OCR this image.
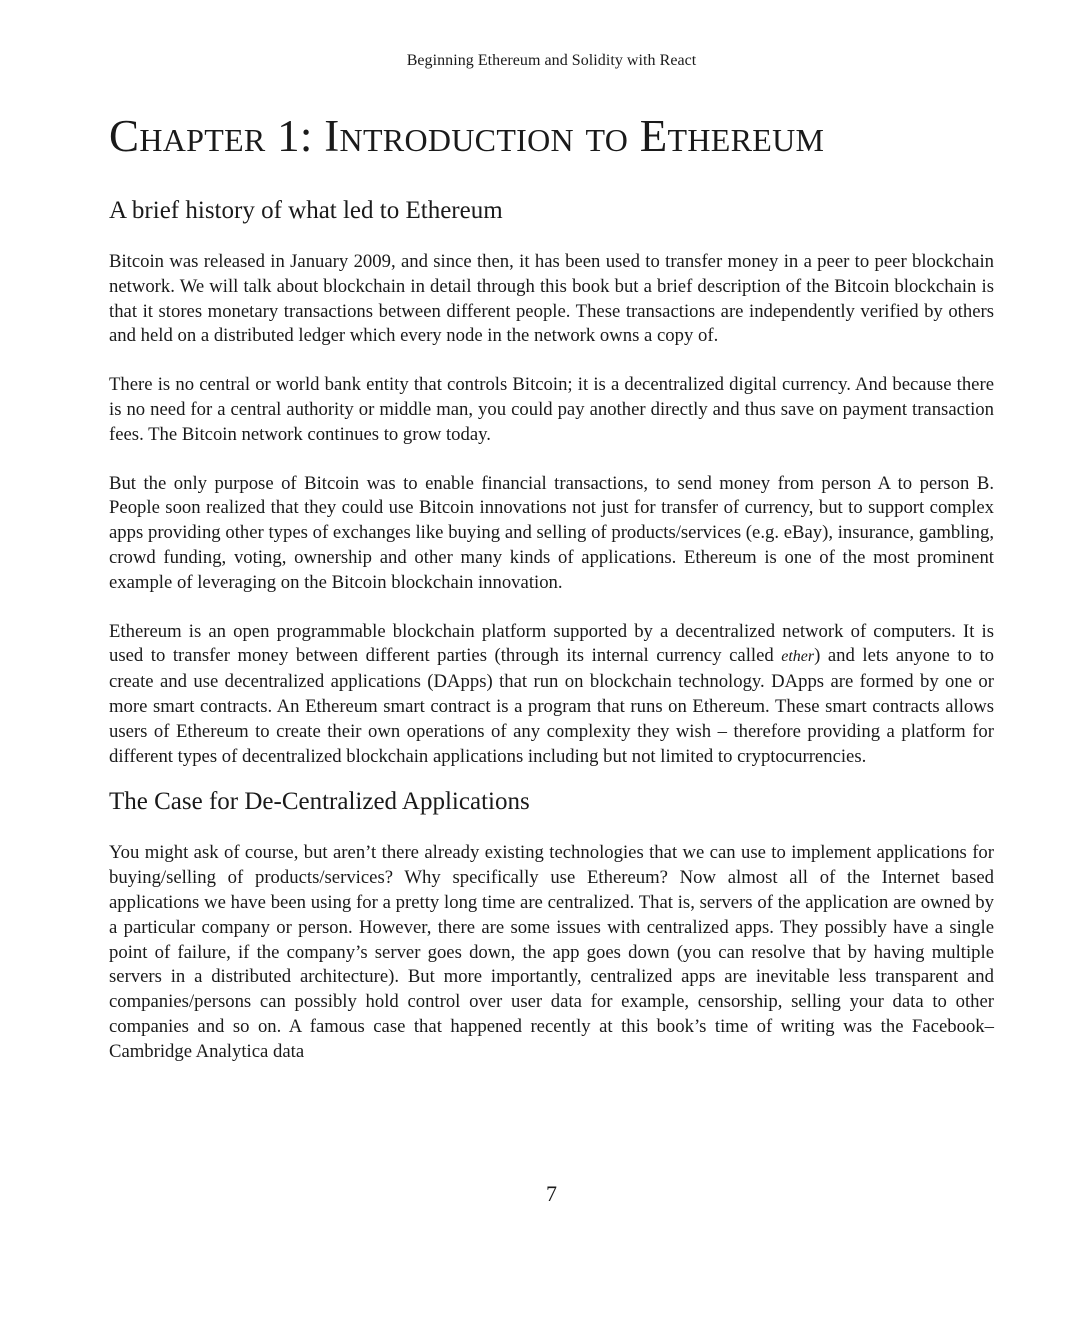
Beginning Ethereum and Solidity with React
Chapter 1: Introduction to Ethereum
A brief history of what led to Ethereum

Bitcoin was released in January 2009, and since then, it has been used to transfer money in a peer to peer blockchain network. We will talk about blockchain in detail through this book but a brief description of the Bitcoin blockchain is that it stores monetary transactions between different people. These transactions are independently verified by others and held on a distributed ledger which every node in the network owns a copy of.

There is no central or world bank entity that controls Bitcoin; it is a decentralized digital currency. And because there is no need for a central authority or middle man, you could pay another directly and thus save on payment transaction fees. The Bitcoin network continues to grow today.

But the only purpose of Bitcoin was to enable financial transactions, to send money from person A to person B. People soon realized that they could use Bitcoin innovations not just for transfer of currency, but to support complex apps providing other types of exchanges like buying and selling of products/services (e.g. eBay), insurance, gambling, crowd funding, voting, ownership and other many kinds of applications. Ethereum is one of the most prominent example of leveraging on the Bitcoin blockchain innovation.

Ethereum is an open programmable blockchain platform supported by a decentralized network of computers. It is used to transfer money between different parties (through its internal currency called ether) and lets anyone to to create and use decentralized applications (DApps) that run on blockchain technology. DApps are formed by one or more smart contracts. An Ethereum smart contract is a program that runs on Ethereum. These smart contracts allows users of Ethereum to create their own operations of any complexity they wish – therefore providing a platform for different types of decentralized blockchain applications including but not limited to cryptocurrencies.

The Case for De-Centralized Applications

You might ask of course, but aren’t there already existing technologies that we can use to implement applications for buying/selling of products/services? Why specifically use Ethereum? Now almost all of the Internet based applications we have been using for a pretty long time are centralized. That is, servers of the application are owned by a particular company or person. However, there are some issues with centralized apps. They possibly have a single point of failure, if the company’s server goes down, the app goes down (you can resolve that by having multiple servers in a distributed architecture). But more importantly, centralized apps are inevitable less transparent and companies/persons can possibly hold control over user data for example, censorship, selling your data to other companies and so on. A famous case that happened recently at this book’s time of writing was the Facebook–Cambridge Analytica data

7
